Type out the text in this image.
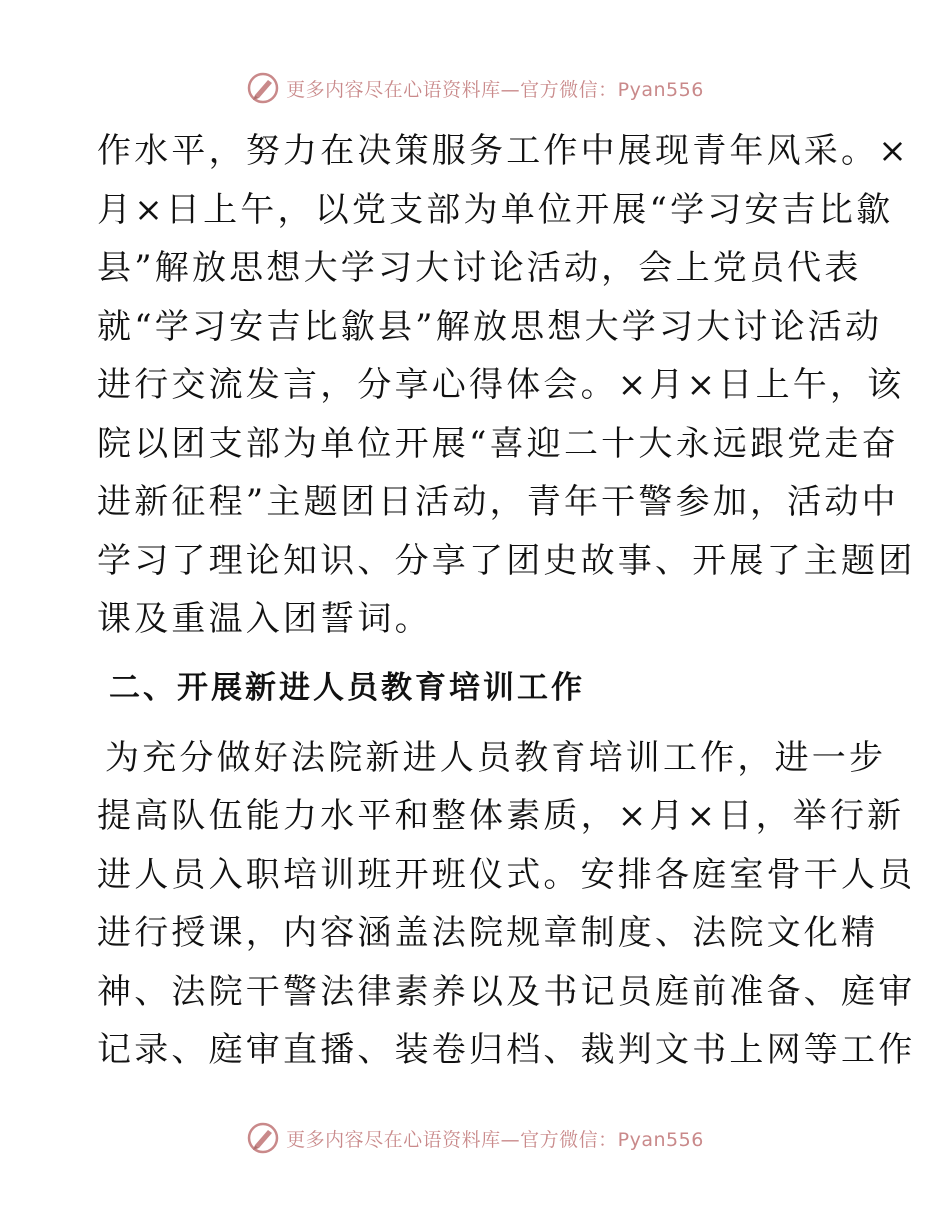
更多内容尽在心语资料库—官方微信：Pyan556

作水平，努力在决策服务工作中展现青年风采。×
月×日上午，以党支部为单位开展“学习安吉比歙
县”解放思想大学习大讨论活动，会上党员代表
就“学习安吉比歙县”解放思想大学习大讨论活动
进行交流发言，分享心得体会。×月×日上午，该
院以团支部为单位开展“喜迎二十大永远跟党走奋
进新征程”主题团日活动，青年干警参加，活动中
学习了理论知识、分享了团史故事、开展了主题团
课及重温入团誓词。

二、开展新进人员教育培训工作

为充分做好法院新进人员教育培训工作，进一步
提高队伍能力水平和整体素质，×月×日，举行新
进人员入职培训班开班仪式。安排各庭室骨干人员
进行授课，内容涵盖法院规章制度、法院文化精
神、法院干警法律素养以及书记员庭前准备、庭审
记录、庭审直播、装卷归档、裁判文书上网等工作

更多内容尽在心语资料库—官方微信：Pyan556
